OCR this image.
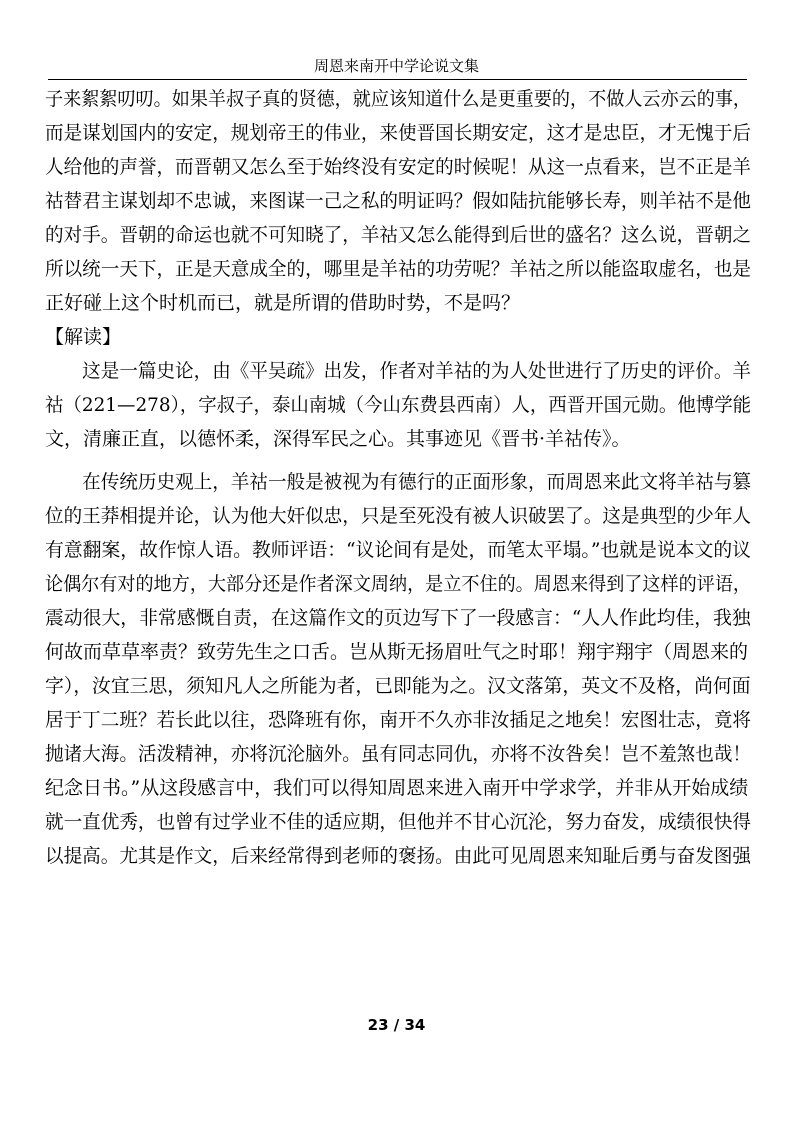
周恩来南开中学论说文集
子来絮絮叨叨。如果羊叔子真的贤德，就应该知道什么是更重要的，不做人云亦云的事，
而是谋划国内的安定，规划帝王的伟业，来使晋国长期安定，这才是忠臣，才无愧于后
人给他的声誉，而晋朝又怎么至于始终没有安定的时候呢！从这一点看来，岂不正是羊
祜替君主谋划却不忠诚，来图谋一己之私的明证吗？假如陆抗能够长寿，则羊祜不是他
的对手。晋朝的命运也就不可知晓了，羊祜又怎么能得到后世的盛名？这么说，晋朝之
所以统一天下，正是天意成全的，哪里是羊祜的功劳呢？羊祜之所以能盗取虚名，也是
正好碰上这个时机而已，就是所谓的借助时势，不是吗？
【解读】
　　这是一篇史论，由《平吴疏》出发，作者对羊祜的为人处世进行了历史的评价。羊
祜（221—278），字叔子，泰山南城（今山东费县西南）人，西晋开国元勋。他博学能
文，清廉正直，以德怀柔，深得军民之心。其事迹见《晋书·羊祜传》。
　　在传统历史观上，羊祜一般是被视为有德行的正面形象，而周恩来此文将羊祜与篡
位的王莽相提并论，认为他大奸似忠，只是至死没有被人识破罢了。这是典型的少年人
有意翻案，故作惊人语。教师评语：“议论间有是处，而笔太平塌。”也就是说本文的议
论偶尔有对的地方，大部分还是作者深文周纳，是立不住的。周恩来得到了这样的评语，
震动很大，非常感慨自责，在这篇作文的页边写下了一段感言：“人人作此均佳，我独
何故而草草率责？致劳先生之口舌。岂从斯无扬眉吐气之时耶！翔宇翔宇（周恩来的
字），汝宜三思，须知凡人之所能为者，已即能为之。汉文落第，英文不及格，尚何面
居于丁二班？若长此以往，恐降班有你，南开不久亦非汝插足之地矣！宏图壮志，竟将
抛诸大海。活泼精神，亦将沉沦脑外。虽有同志同仇，亦将不汝咎矣！岂不羞煞也哉！
纪念日书。”从这段感言中，我们可以得知周恩来进入南开中学求学，并非从开始成绩
就一直优秀，也曾有过学业不佳的适应期，但他并不甘心沉沦，努力奋发，成绩很快得
以提高。尤其是作文，后来经常得到老师的褒扬。由此可见周恩来知耻后勇与奋发图强
23 / 34
